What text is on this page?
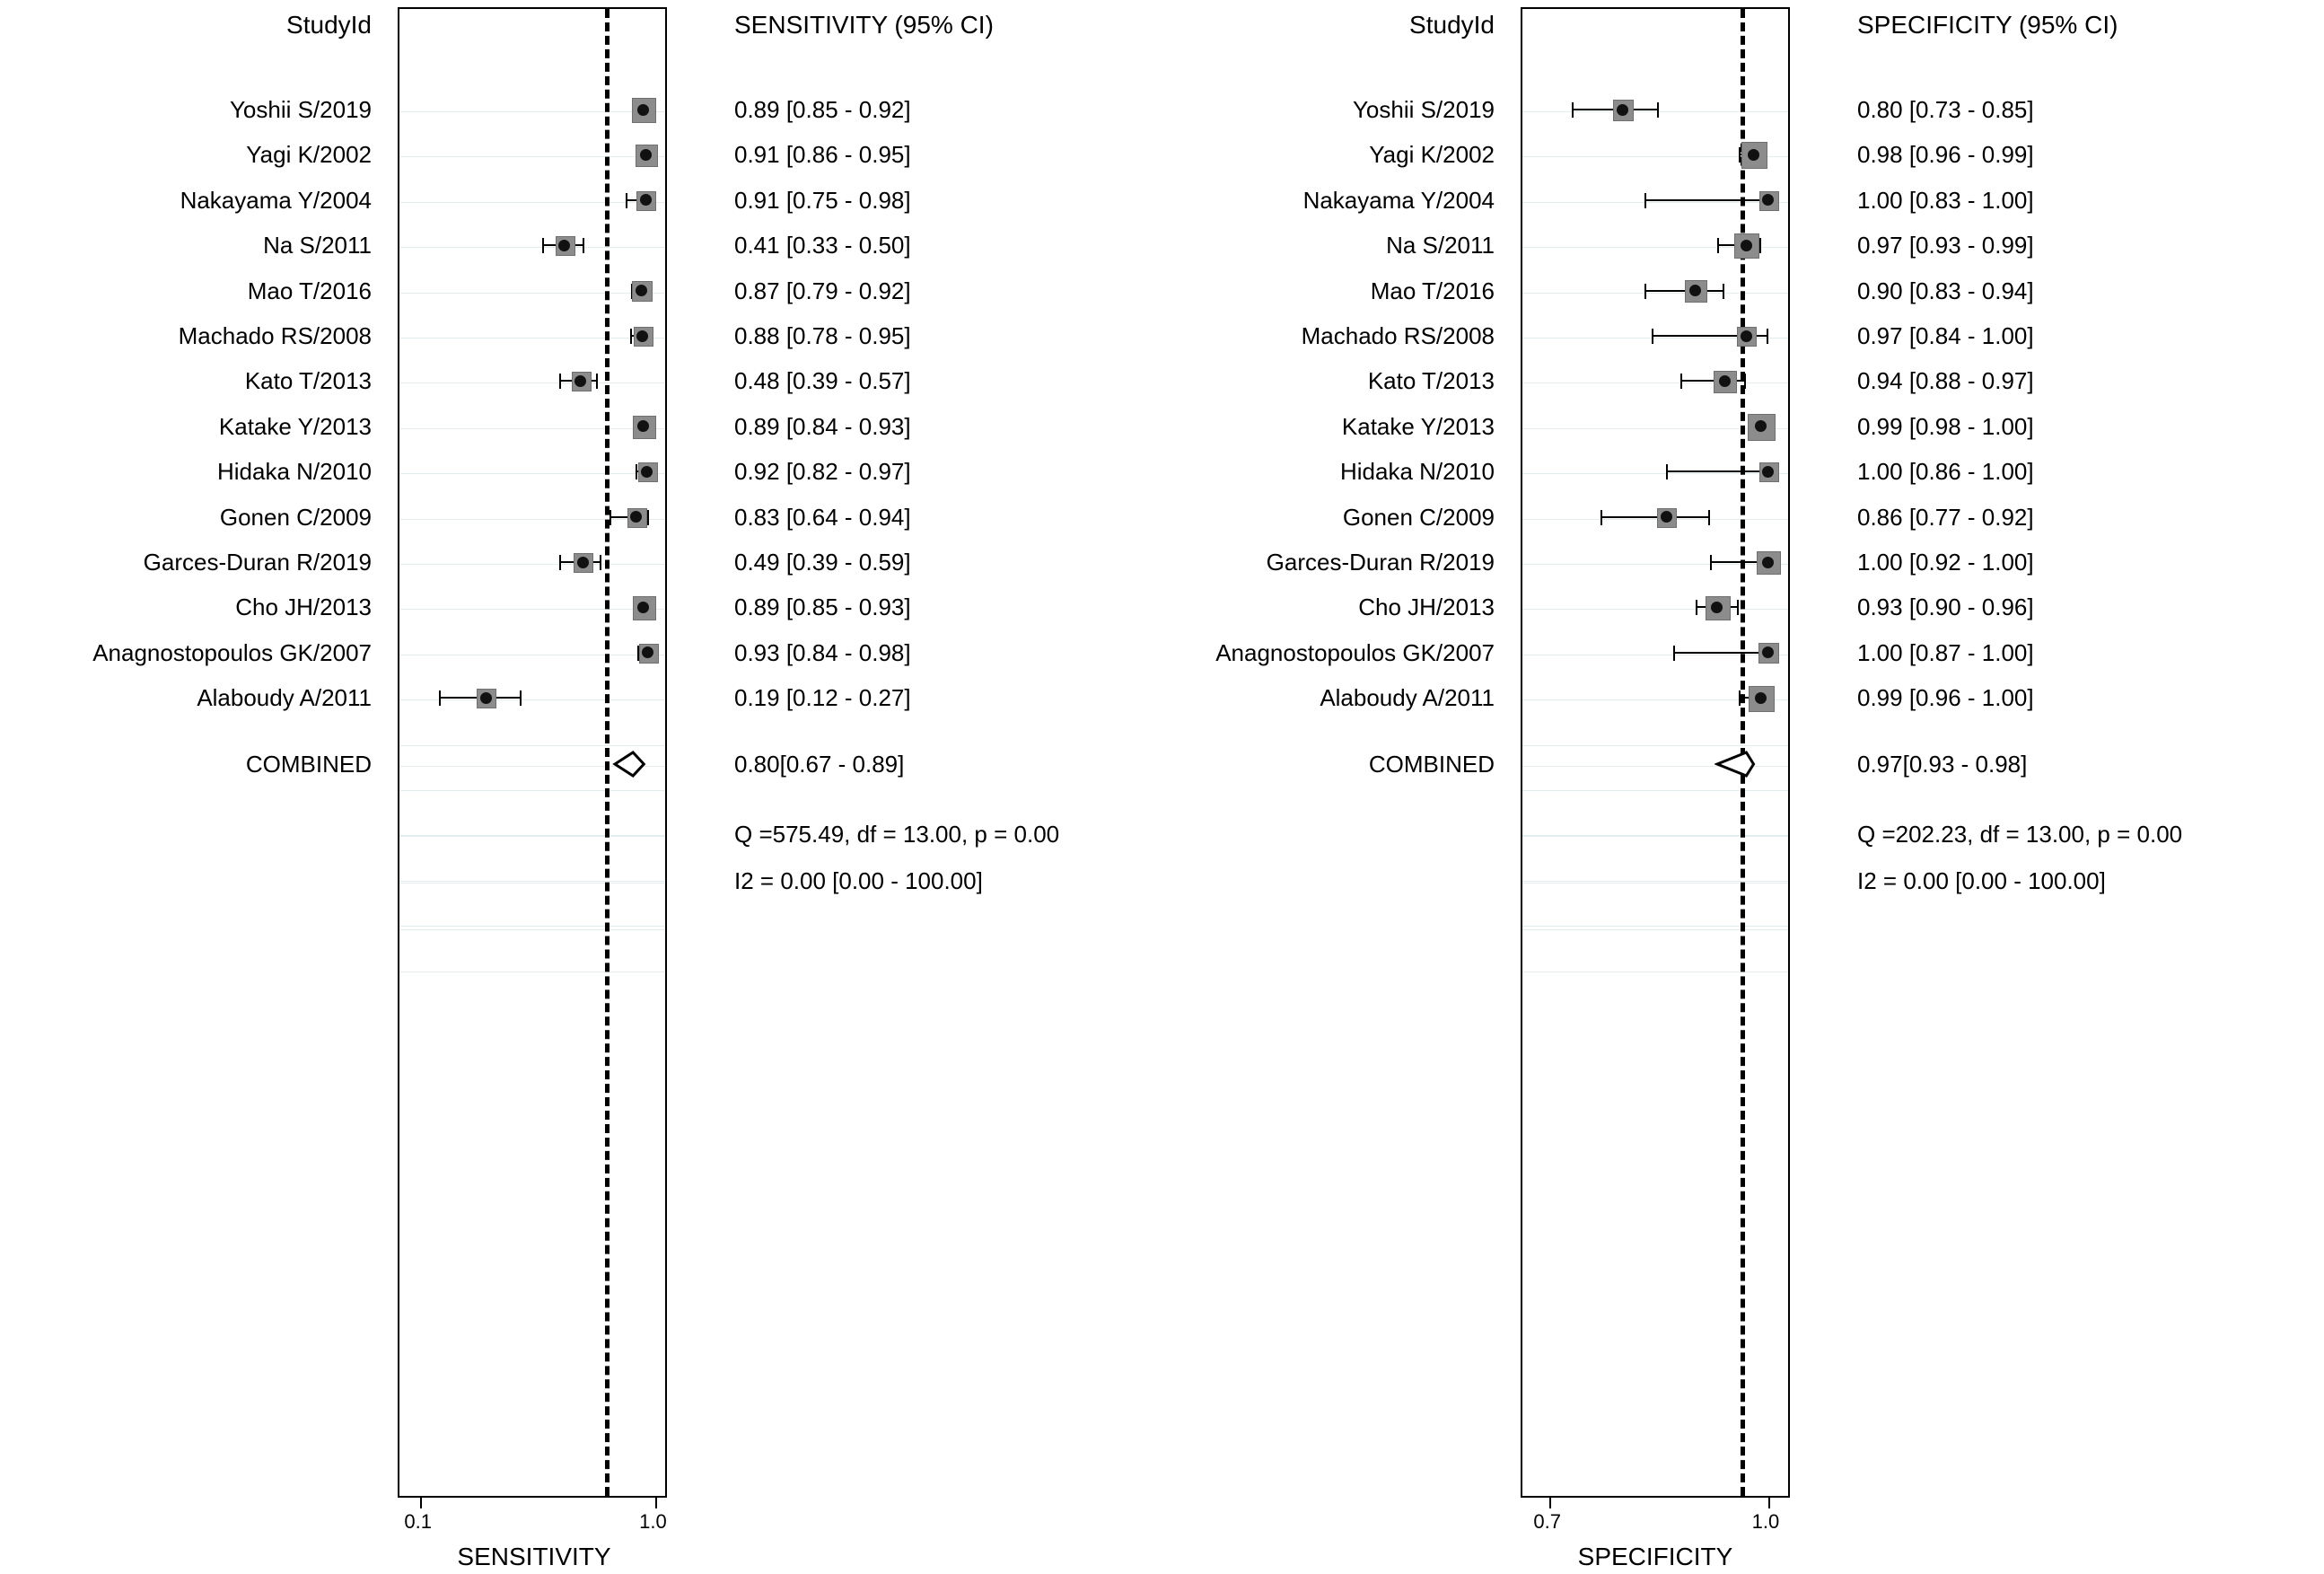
StudyId	SENSITIVITY (95% CI)
Yoshii S/2019	0.89 [0.85 - 0.92]
Yagi K/2002	0.91 [0.86 - 0.95]
Nakayama Y/2004	0.91 [0.75 - 0.98]
Na S/2011	0.41 [0.33 - 0.50]
Mao T/2016	0.87 [0.79 - 0.92]
Machado RS/2008	0.88 [0.78 - 0.95]
Kato T/2013	0.48 [0.39 - 0.57]
Katake Y/2013	0.89 [0.84 - 0.93]
Hidaka N/2010	0.92 [0.82 - 0.97]
Gonen C/2009	0.83 [0.64 - 0.94]
Garces-Duran R/2019	0.49 [0.39 - 0.59]
Cho JH/2013	0.89 [0.85 - 0.93]
Anagnostopoulos GK/2007	0.93 [0.84 - 0.98]
Alaboudy A/2011	0.19 [0.12 - 0.27]
COMBINED	0.80[0.67 - 0.89]
Q =575.49, df = 13.00, p = 0.00
I2 = 0.00 [0.00 - 100.00]
0.1	1.0
SENSITIVITY
StudyId	SPECIFICITY (95% CI)
Yoshii S/2019	0.80 [0.73 - 0.85]
Yagi K/2002	0.98 [0.96 - 0.99]
Nakayama Y/2004	1.00 [0.83 - 1.00]
Na S/2011	0.97 [0.93 - 0.99]
Mao T/2016	0.90 [0.83 - 0.94]
Machado RS/2008	0.97 [0.84 - 1.00]
Kato T/2013	0.94 [0.88 - 0.97]
Katake Y/2013	0.99 [0.98 - 1.00]
Hidaka N/2010	1.00 [0.86 - 1.00]
Gonen C/2009	0.86 [0.77 - 0.92]
Garces-Duran R/2019	1.00 [0.92 - 1.00]
Cho JH/2013	0.93 [0.90 - 0.96]
Anagnostopoulos GK/2007	1.00 [0.87 - 1.00]
Alaboudy A/2011	0.99 [0.96 - 1.00]
COMBINED	0.97[0.93 - 0.98]
Q =202.23, df = 13.00, p = 0.00
I2 = 0.00 [0.00 - 100.00]
0.7	1.0
SPECIFICITY
